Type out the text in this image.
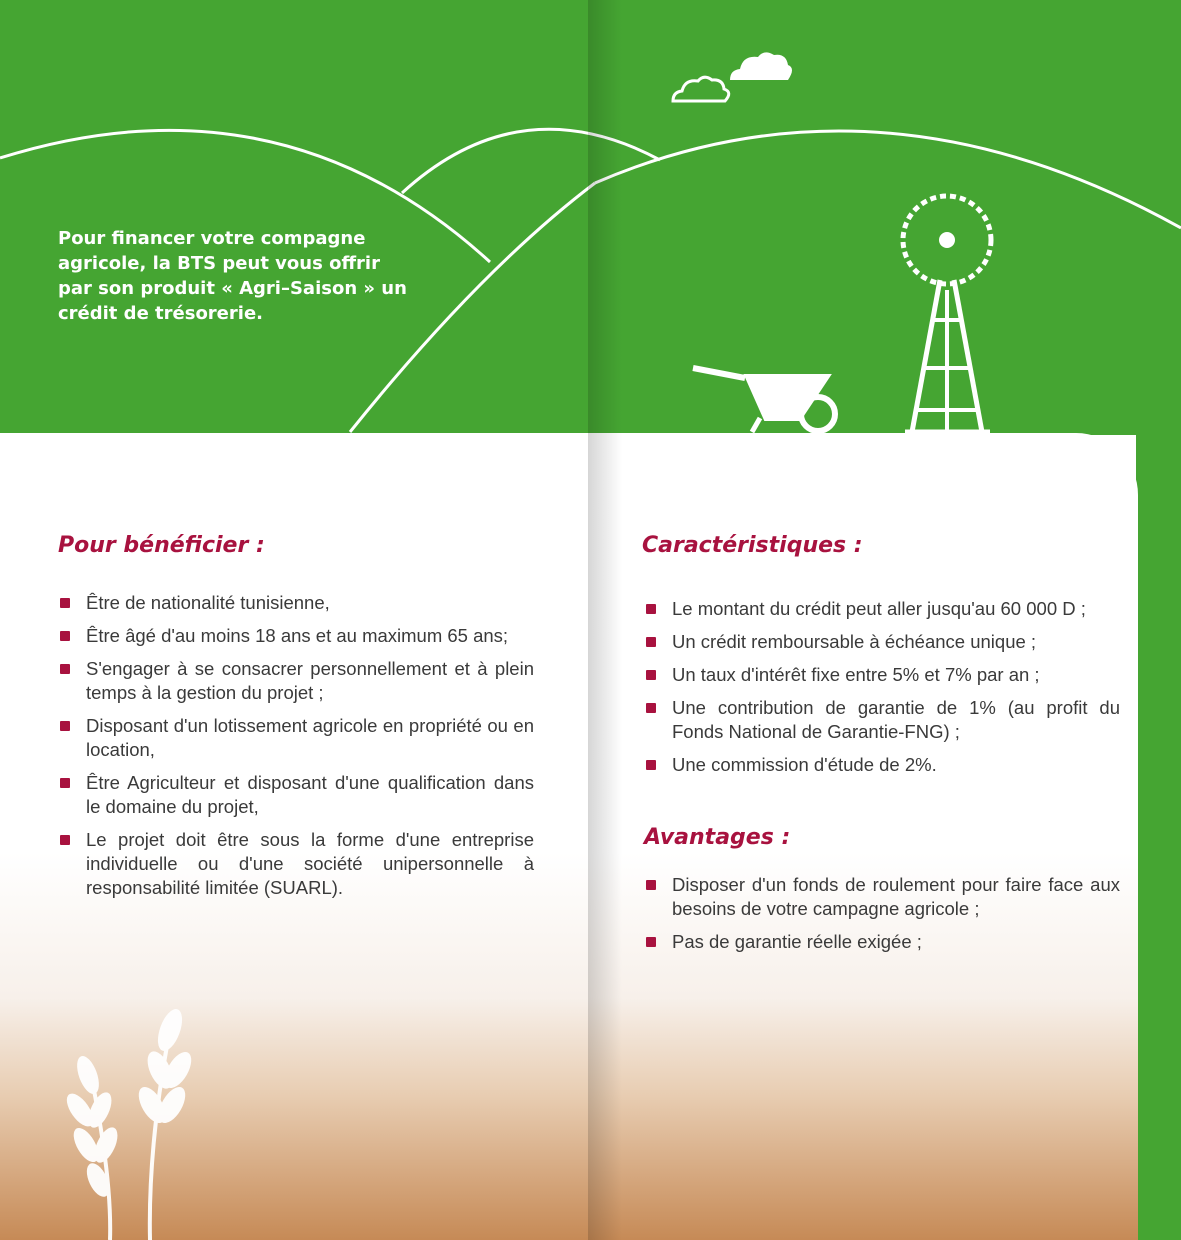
Pour financer votre compagne agricole, la BTS peut vous offrir par son produit « Agri–Saison » un crédit de trésorerie.

Pour bénéficier :
Être de nationalité tunisienne,
Être âgé d'au moins 18 ans et au maximum 65 ans;
S'engager à se consacrer personnellement et à plein temps à la gestion du projet ;
Disposant d'un lotissement agricole en propriété ou en location,
Être Agriculteur et disposant d'une qualification dans le domaine du projet,
Le projet doit être sous la forme d'une entreprise individuelle ou d'une société unipersonnelle à responsabilité limitée (SUARL).
Caractéristiques :
Le montant du crédit peut aller jusqu'au 60 000 D ;
Un crédit remboursable à échéance unique ;
Un taux d'intérêt fixe entre 5% et 7% par an ;
Une contribution de garantie de 1% (au profit du Fonds National de Garantie-FNG) ;
Une commission d'étude de 2%.
Avantages :
Disposer d'un fonds de roulement pour faire face aux besoins de votre campagne agricole ;
Pas de garantie réelle exigée ;
